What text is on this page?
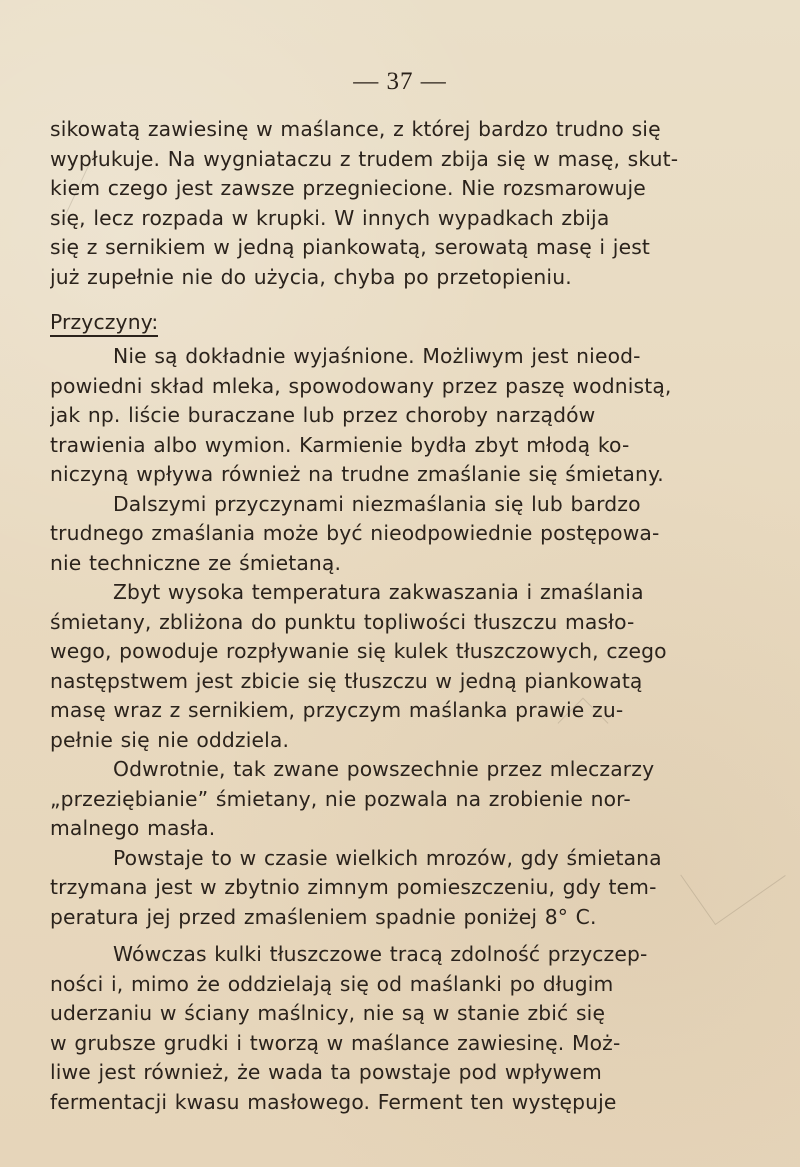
— 37 —
sikowatą zawiesinę w maślance, z której bardzo trudno się
wypłukuje. Na wygniataczu z trudem zbija się w masę, skut-
kiem czego jest zawsze przegniecione. Nie rozsmarowuje
się, lecz rozpada w krupki. W innych wypadkach zbija
się z sernikiem w jedną piankowatą, serowatą masę i jest
już zupełnie nie do użycia, chyba po przetopieniu.
Przyczyny:
Nie są dokładnie wyjaśnione. Możliwym jest nieod-
powiedni skład mleka, spowodowany przez paszę wodnistą,
jak np. liście buraczane lub przez choroby narządów
trawienia albo wymion. Karmienie bydła zbyt młodą ko-
niczyną wpływa również na trudne zmaślanie się śmietany.
Dalszymi przyczynami niezmaślania się lub bardzo
trudnego zmaślania może być nieodpowiednie postępowa-
nie techniczne ze śmietaną.
Zbyt wysoka temperatura zakwaszania i zmaślania
śmietany, zbliżona do punktu topliwości tłuszczu masło-
wego, powoduje rozpływanie się kulek tłuszczowych, czego
następstwem jest zbicie się tłuszczu w jedną piankowatą
masę wraz z sernikiem, przyczym maślanka prawie zu-
pełnie się nie oddziela.
Odwrotnie, tak zwane powszechnie przez mleczarzy
„przeziębianie” śmietany, nie pozwala na zrobienie nor-
malnego masła.
Powstaje to w czasie wielkich mrozów, gdy śmietana
trzymana jest w zbytnio zimnym pomieszczeniu, gdy tem-
peratura jej przed zmaśleniem spadnie poniżej 8° C.
Wówczas kulki tłuszczowe tracą zdolność przyczep-
ności i, mimo że oddzielają się od maślanki po długim
uderzaniu w ściany maślnicy, nie są w stanie zbić się
w grubsze grudki i tworzą w maślance zawiesinę. Moż-
liwe jest również, że wada ta powstaje pod wpływem
fermentacji kwasu masłowego. Ferment ten występuje
